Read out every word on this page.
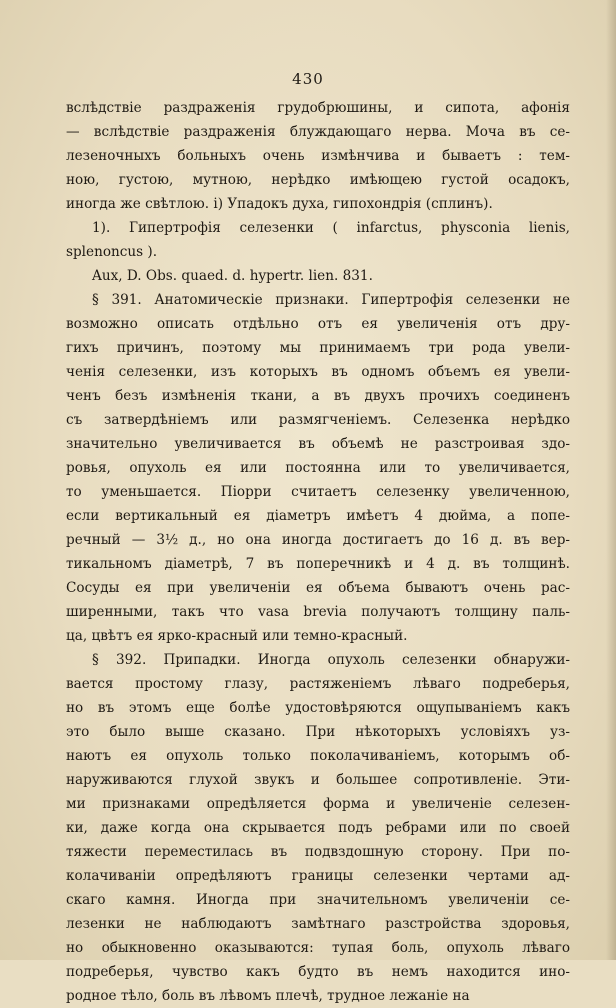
430
вслѣдствіе раздраженія грудобрюшины, и сипота, афонія
— вслѣдствіе раздраженія блуждающаго нерва. Моча въ се-
лезеночныхъ больныхъ очень измѣнчива и бываетъ : тем-
ною, густою, мутною, нерѣдко имѣющею густой осадокъ,
иногда же свѣтлою. і) Упадокъ духа, гипохондрія (сплинъ).
1). Гипертрофія селезенки ( infarctus, physconia lienis,
splenoncus ).
Aux, D. Obs. quaed. d. hypertr. lien. 831.
§ 391. Анатомическіе признаки. Гипертрофія селезенки не
возможно описать отдѣльно отъ ея увеличенія отъ дру-
гихъ причинъ, поэтому мы принимаемъ три рода увели-
ченія селезенки, изъ которыхъ въ одномъ объемъ ея увели-
ченъ безъ измѣненія ткани, а въ двухъ прочихъ соединенъ
съ затвердѣніемъ или размягченіемъ. Селезенка нерѣдко
значительно увеличивается въ объемѣ не разстроивая здо-
ровья, опухоль ея или постоянна или то увеличивается,
то уменьшается. Піорри считаетъ селезенку увеличенною,
если вертикальный ея діаметръ имѣетъ 4 дюйма, а попе-
речный — 3½ д., но она иногда достигаетъ до 16 д. въ вер-
тикальномъ діаметрѣ, 7 въ поперечникѣ и 4 д. въ толщинѣ.
Сосуды ея при увеличеніи ея объема бываютъ очень рас-
ширенными, такъ что vasa brevia получаютъ толщину паль-
ца, цвѣтъ ея ярко-красный или темно-красный.
§ 392. Припадки. Иногда опухоль селезенки обнаружи-
вается простому глазу, растяженіемъ лѣваго подреберья,
но въ этомъ еще болѣе удостовѣряются ощупываніемъ какъ
это было выше сказано. При нѣкоторыхъ условіяхъ уз-
наютъ ея опухоль только поколачиваніемъ, которымъ об-
наруживаются глухой звукъ и большее сопротивленіе. Эти-
ми признаками опредѣляется форма и увеличеніе селезен-
ки, даже когда она скрывается подъ ребрами или по своей
тяжести переместилась въ подвздошную сторону. При по-
колачиваніи опредѣляютъ границы селезенки чертами ад-
скаго камня. Иногда при значительномъ увеличеніи се-
лезенки не наблюдаютъ замѣтнаго разстройства здоровья,
но обыкновенно оказываются: тупая боль, опухоль лѣваго
подреберья, чувство какъ будто въ немъ находится ино-
родное тѣло, боль въ лѣвомъ плечѣ, трудное лежаніе на
